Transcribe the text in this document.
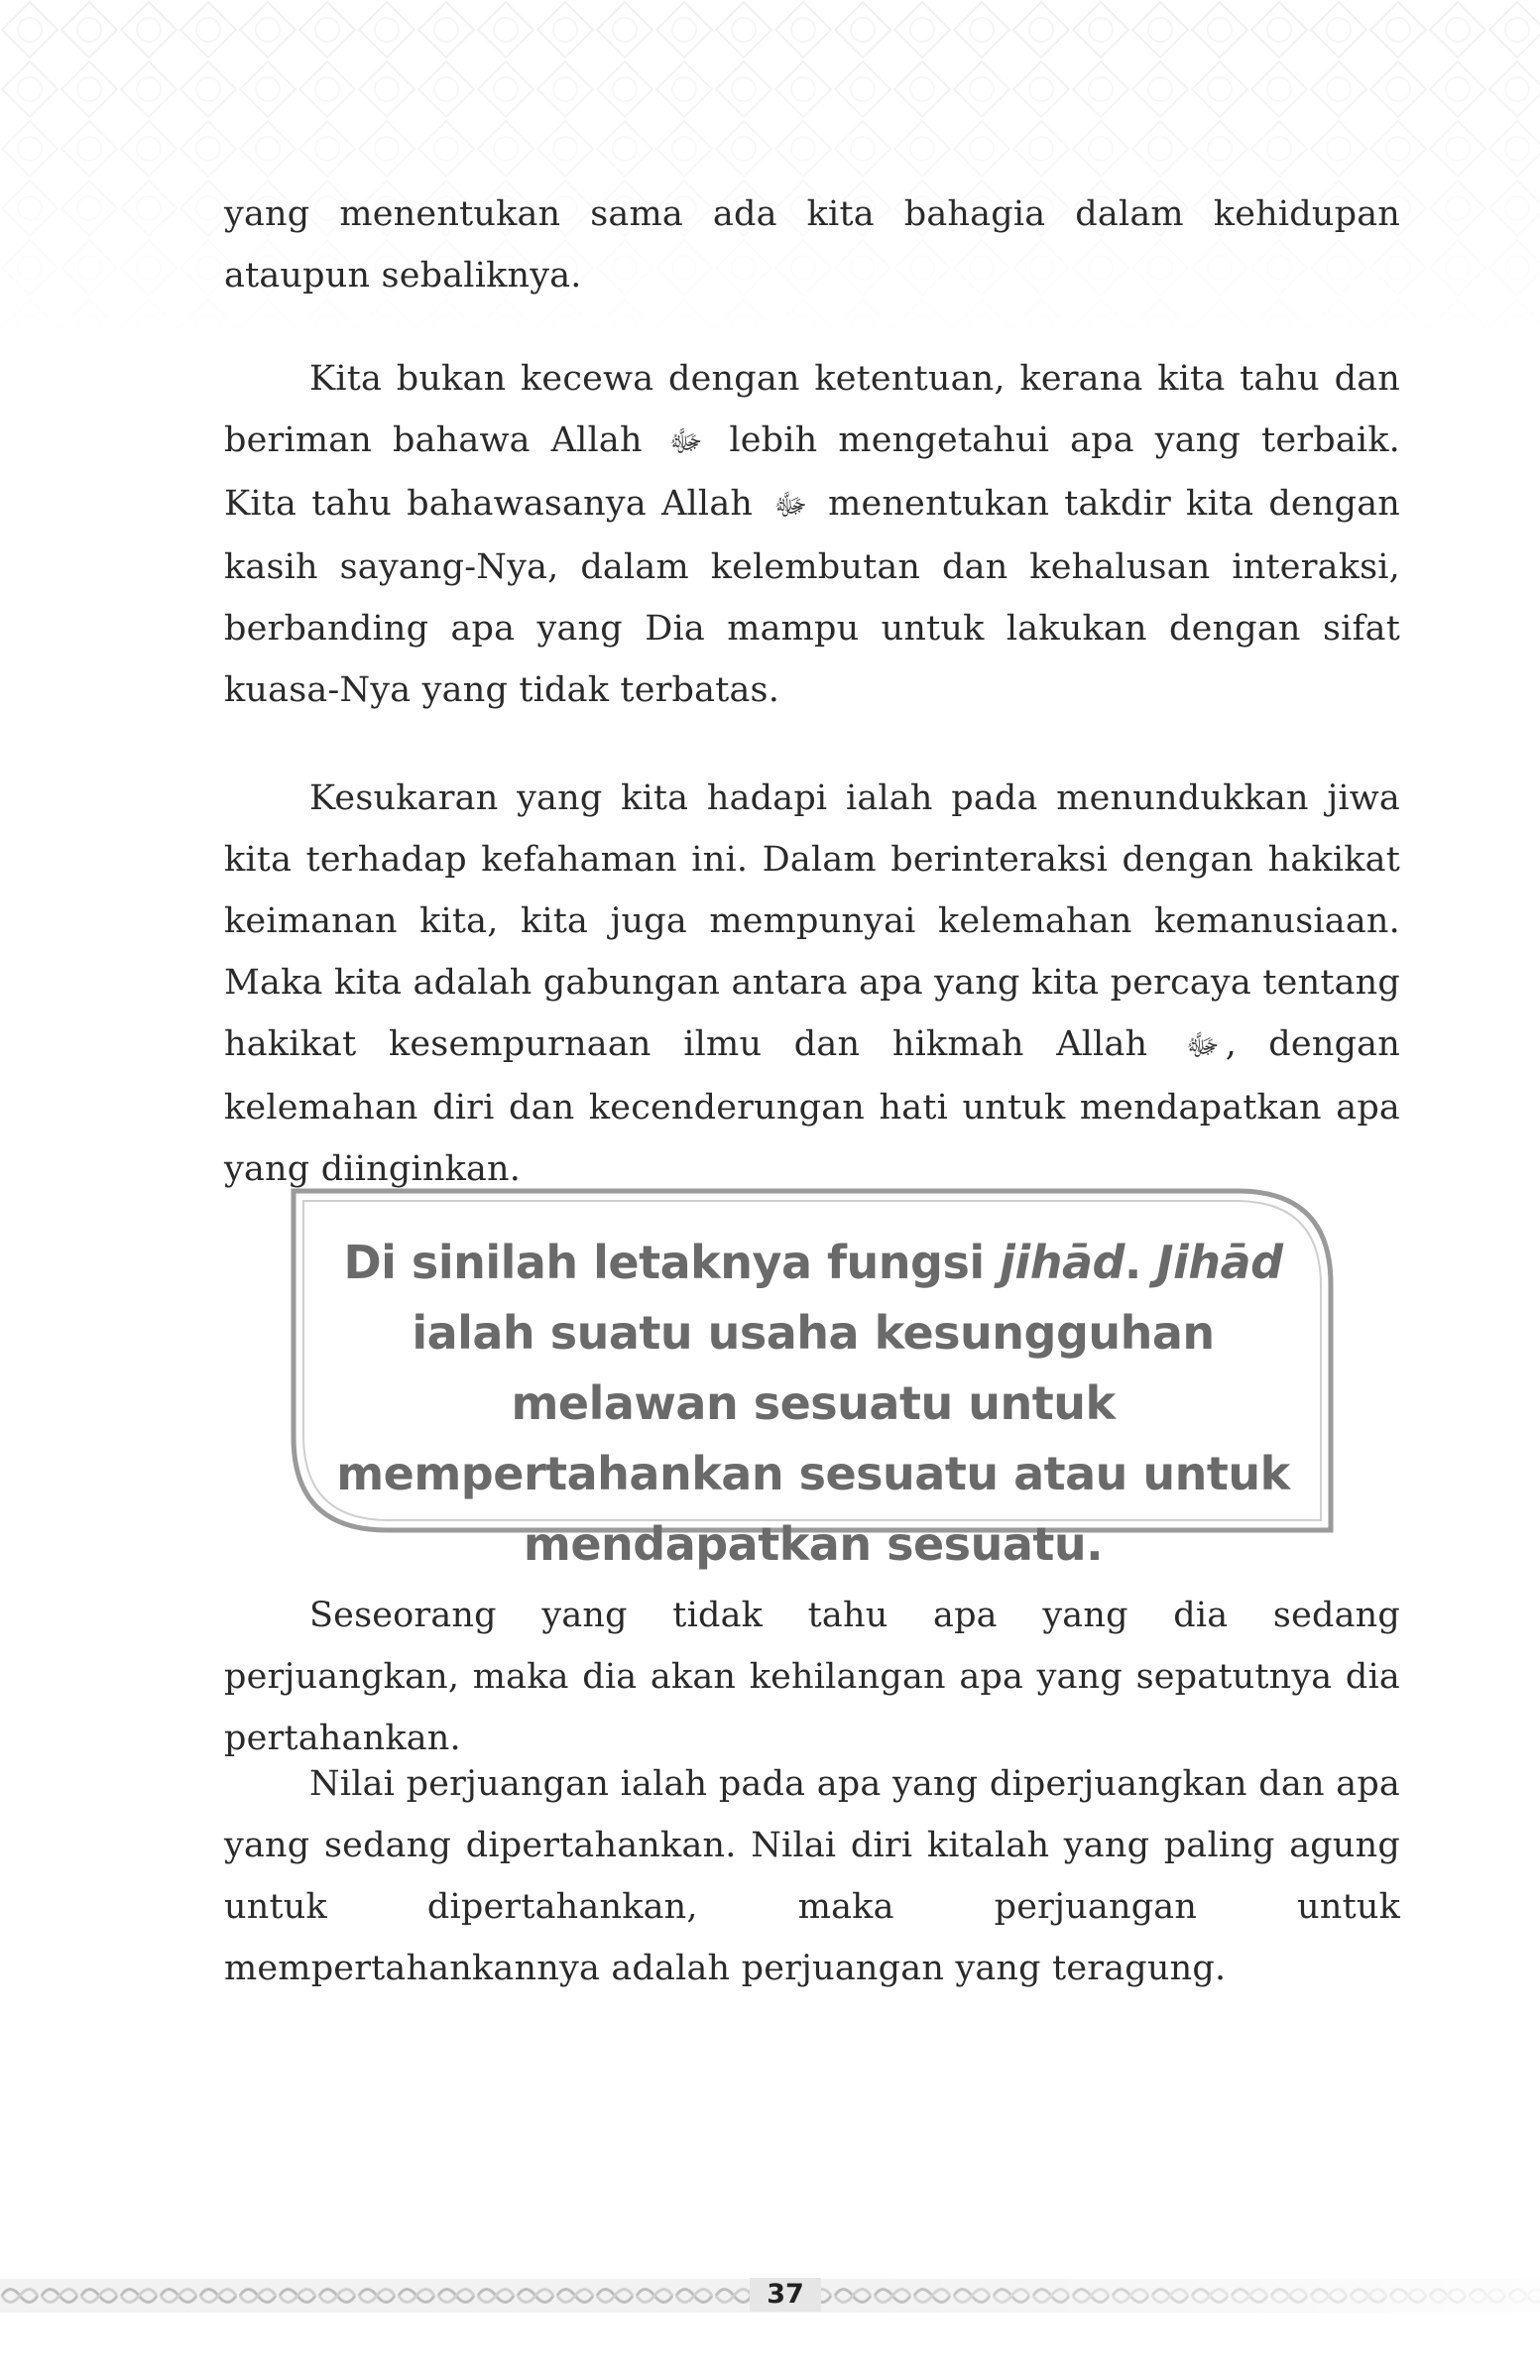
yang menentukan sama ada kita bahagia dalam kehidupan ataupun sebaliknya.

Kita bukan kecewa dengan ketentuan, kerana kita tahu dan beriman bahawa Allah ﷻ lebih mengetahui apa yang terbaik. Kita tahu bahawasanya Allah ﷻ menentukan takdir kita dengan kasih sayang-Nya, dalam kelembutan dan kehalusan interaksi, berbanding apa yang Dia mampu untuk lakukan dengan sifat kuasa-Nya yang tidak terbatas.

Kesukaran yang kita hadapi ialah pada menundukkan jiwa kita terhadap kefahaman ini. Dalam berinteraksi dengan hakikat keimanan kita, kita juga mempunyai kelemahan kemanusiaan. Maka kita adalah gabungan antara apa yang kita percaya tentang hakikat kesempurnaan ilmu dan hikmah Allah ﷻ , dengan kelemahan diri dan kecenderungan hati untuk mendapatkan apa yang diinginkan.

Di sinilah letaknya fungsi jihād. Jihād ialah suatu usaha kesungguhan melawan sesuatu untuk mempertahankan sesuatu atau untuk mendapatkan sesuatu.

Seseorang yang tidak tahu apa yang dia sedang perjuangkan, maka dia akan kehilangan apa yang sepatutnya dia pertahankan.

Nilai perjuangan ialah pada apa yang diperjuangkan dan apa yang sedang dipertahankan. Nilai diri kitalah yang paling agung untuk dipertahankan, maka perjuangan untuk mempertahankannya adalah perjuangan yang teragung.

37
